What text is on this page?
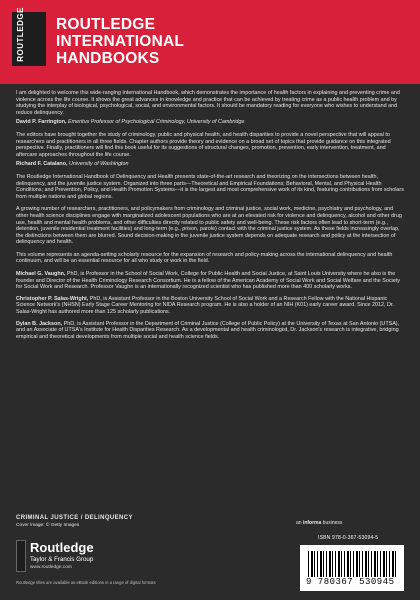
ROUTLEDGE ROUTLEDGE
INTERNATIONAL
HANDBOOKS

I am delighted to welcome this wide-ranging International Handbook, which demonstrates the importance of health factors in explaining and preventing crime and violence across the life course. It shows the great advances in knowledge and practice that can be achieved by treating crime as a public health problem and by studying the interplay of biological, psychological, social, and environmental factors. It should be mandatory reading for everyone who wishes to understand and reduce delinquency.

David P. Farrington, Emeritus Professor of Psychological Criminology, University of Cambridge

The editors have brought together the study of criminology, public and physical health, and health disparities to provide a novel perspective that will appeal to researchers and practitioners in all three fields. Chapter authors provide theory and evidence on a broad set of topics that provide guidance on this integrated perspective. Finally, practitioners will find this book useful for its suggestions of structural changes, promotion, prevention, early intervention, treatment, and aftercare approaches throughout the life course.

Richard F. Catalano, University of Washington

The Routledge International Handbook of Delinquency and Health presents state-of-the-art research and theorizing on the intersections between health, delinquency, and the juvenile justice system. Organized into three parts—Theoretical and Empirical Foundations; Behavioral, Mental, and Physical Health Conditions; and Prevention, Policy, and Health Promotion Systems—it is the largest and most comprehensive work of its kind, featuring contributions from scholars from multiple nations and global regions.

A growing number of researchers, practitioners, and policymakers from criminology and criminal justice, social work, medicine, psychiatry and psychology, and other health science disciplines engage with marginalized adolescent populations who are at an elevated risk for violence and delinquency, alcohol and other drug use, health and mental health problems, and other difficulties directly related to public safety and well-being. These risk factors often lead to short-term (e.g., detention, juvenile residential treatment facilities) and long-term (e.g., prison, parole) contact with the criminal justice system. As these fields increasingly overlap, the distinctions between them are blurred. Sound decision-making in the juvenile justice system depends on adequate research and policy at the intersection of delinquency and health.

This volume represents an agenda-setting scholarly resource for the expansion of research and policy-making across the international delinquency and health continuum, and will be an essential resource for all who study or work in the field.

Michael G. Vaughn, PhD, is Professor in the School of Social Work, College for Public Health and Social Justice, at Saint Louis University where he also is the founder and Director of the Health Criminology Research Consortium. He is a fellow of the American Academy of Social Work and Social Welfare and the Society for Social Work and Research. Professor Vaughn is an internationally recognized scientist who has published more than 400 scholarly works.

Christopher P. Salas-Wright, PhD, is Assistant Professor in the Boston University School of Social Work and a Research Fellow with the National Hispanic Science Network's (NHSN) Early Stage Career Mentoring for NIDA Research program. He is also a holder of an NIH (K01) early career award. Since 2012, Dr. Salas-Wright has authored more than 125 scholarly publications.

Dylan B. Jackson, PhD, is Assistant Professor in the Department of Criminal Justice (College of Public Policy) at the University of Texas at San Antonio (UTSA), and an Associate of UTSA's Institute for Health Disparities Research. As a developmental and health criminologist, Dr. Jackson's research is integrative, bridging empirical and theoretical developments from multiple social and health science fields.

CRIMINAL JUSTICE / DELINQUENCY
Cover image: © Getty Images	an informa business
Routledge
Taylor & Francis Group
www.routledge.com
Routledge titles are available as eBook editions in a range of digital formats
ISBN 978-0-367-53094-5
9 780367 530945
